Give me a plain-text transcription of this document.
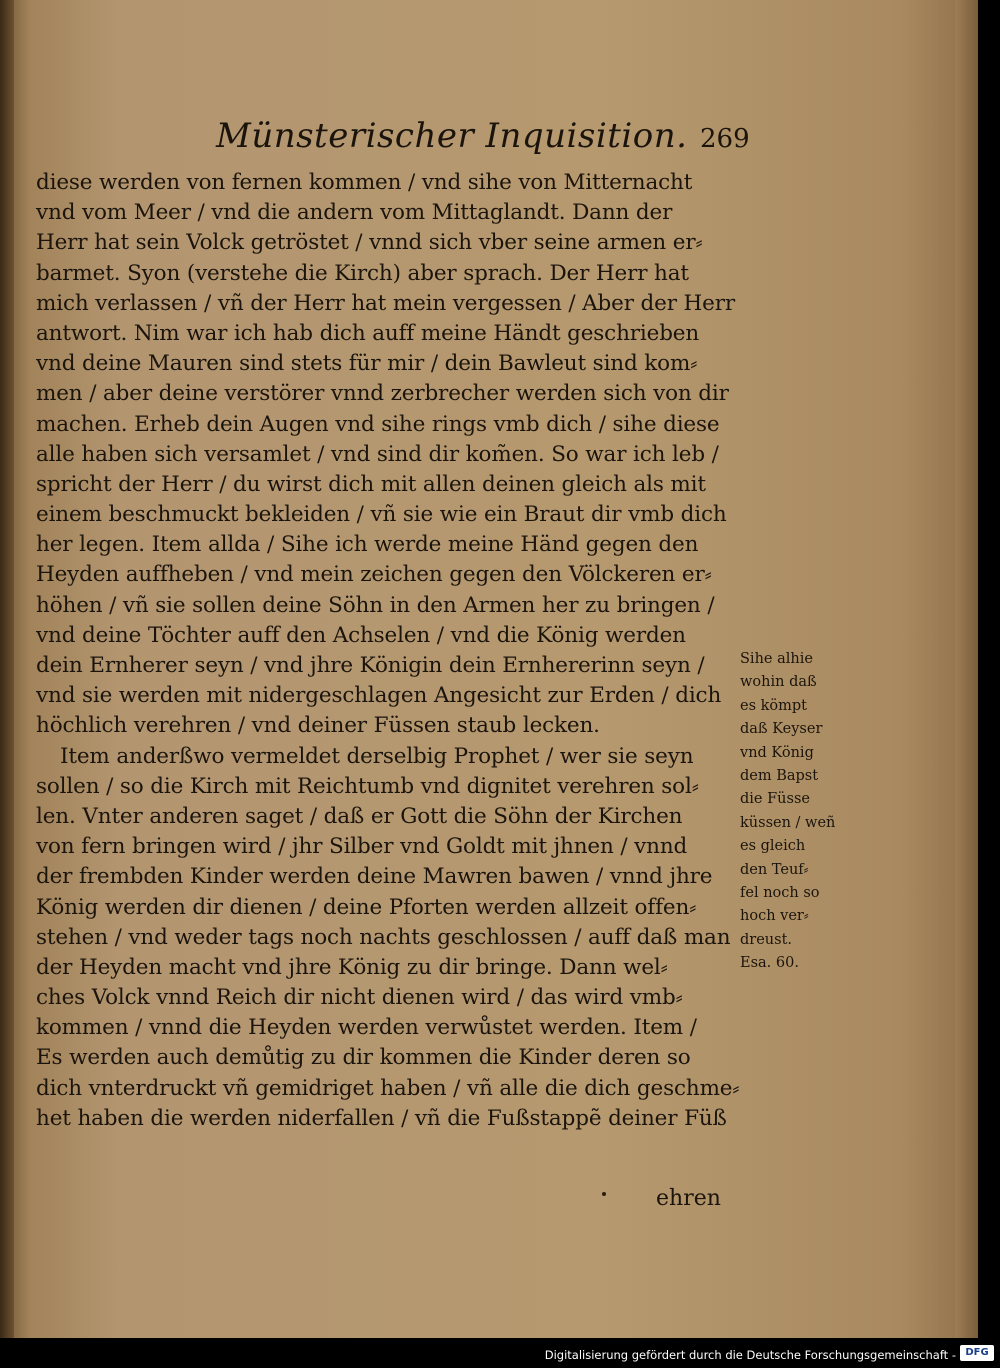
Münsterischer Inquisition. 269
diese werden von fernen kommen / vnd sihe von Mitternacht
vnd vom Meer / vnd die andern vom Mittaglandt. Dann der
Herr hat sein Volck getröstet / vnnd sich vber seine armen er⸗
barmet. Syon (verstehe die Kirch) aber sprach. Der Herr hat
mich verlassen / vñ der Herr hat mein vergessen / Aber der Herr
antwort. Nim war ich hab dich auff meine Händt geschrieben
vnd deine Mauren sind stets für mir / dein Bawleut sind kom⸗
men / aber deine verstörer vnnd zerbrecher werden sich von dir
machen. Erheb dein Augen vnd sihe rings vmb dich / sihe diese
alle haben sich versamlet / vnd sind dir kom̃en. So war ich leb /
spricht der Herr / du wirst dich mit allen deinen gleich als mit
einem beschmuckt bekleiden / vñ sie wie ein Braut dir vmb dich
her legen. Item allda / Sihe ich werde meine Händ gegen den
Heyden auffheben / vnd mein zeichen gegen den Völckeren er⸗
höhen / vñ sie sollen deine Söhn in den Armen her zu bringen /
vnd deine Töchter auff den Achselen / vnd die König werden
dein Ernherer seyn / vnd jhre Königin dein Ernhererinn seyn /
vnd sie werden mit nidergeschlagen Angesicht zur Erden / dich
höchlich verehren / vnd deiner Füssen staub lecken.
Item anderßwo vermeldet derselbig Prophet / wer sie seyn
sollen / so die Kirch mit Reichtumb vnd dignitet verehren sol⸗
len. Vnter anderen saget / daß er Gott die Söhn der Kirchen
von fern bringen wird / jhr Silber vnd Goldt mit jhnen / vnnd
der frembden Kinder werden deine Mawren bawen / vnnd jhre
König werden dir dienen / deine Pforten werden allzeit offen⸗
stehen / vnd weder tags noch nachts geschlossen / auff daß man
der Heyden macht vnd jhre König zu dir bringe. Dann wel⸗
ches Volck vnnd Reich dir nicht dienen wird / das wird vmb⸗
kommen / vnnd die Heyden werden verwůstet werden. Item /
Es werden auch demůtig zu dir kommen die Kinder deren so
dich vnterdruckt vñ gemidriget haben / vñ alle die dich geschme⸗
het haben die werden niderfallen / vñ die Fußstappẽ deiner Füß
Sihe alhie
wohin daß
es kömpt
daß Keyser
vnd König
dem Bapst
die Füsse
küssen / weñ
es gleich
den Teuf⸗
fel noch so
hoch ver⸗
dreust.
Esa. 60.
ehren
Digitalisierung gefördert durch die Deutsche Forschungsgemeinschaft - DFG
